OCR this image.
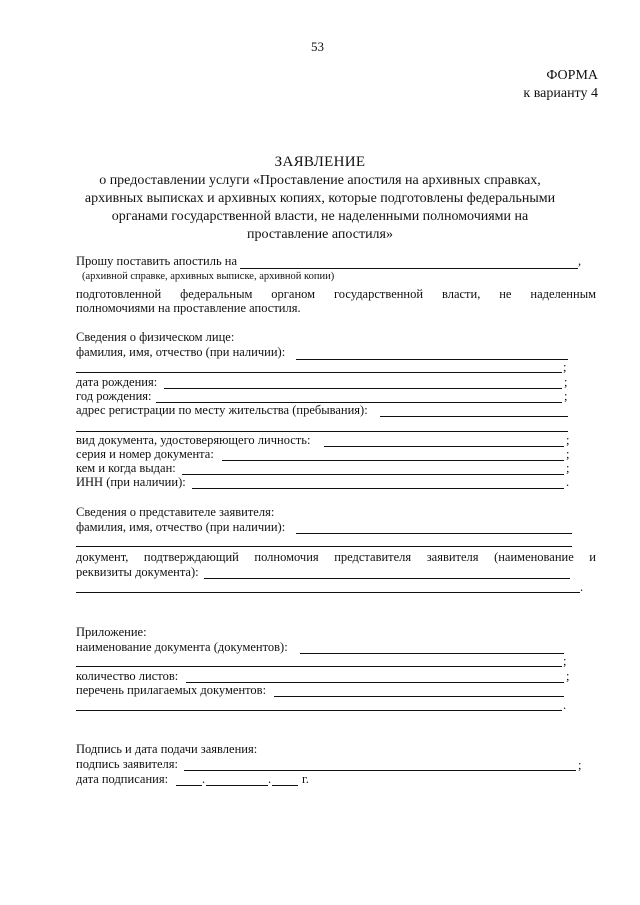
53
ФОРМА
к варианту 4
ЗАЯВЛЕНИЕ
о предоставлении услуги «Проставление апостиля на архивных справках,
архивных выписках и архивных копиях, которые подготовлены федеральными
органами государственной власти, не наделенными полномочиями на
проставление апостиля»
Прошу поставить апостиль на	,
(архивной справке, архивных выписке, архивной копии)
подготовленной федеральным органом государственной власти, не наделенным
полномочиями на проставление апостиля.
Сведения о физическом лице:
фамилия, имя, отчество (при наличии):
;
дата рождения:	;
год рождения:	;
адрес регистрации по месту жительства (пребывания):
вид документа, удостоверяющего личность:	;
серия и номер документа:	;
кем и когда выдан:	;
ИНН (при наличии):	.
Сведения о представителе заявителя:
фамилия, имя, отчество (при наличии):
документ, подтверждающий полномочия представителя заявителя (наименование и
реквизиты документа):
.
Приложение:
наименование документа (документов):
;
количество листов:	;
перечень прилагаемых документов:
.
Подпись и дата подачи заявления:
подпись заявителя:	;
дата подписания:	.	. г.
